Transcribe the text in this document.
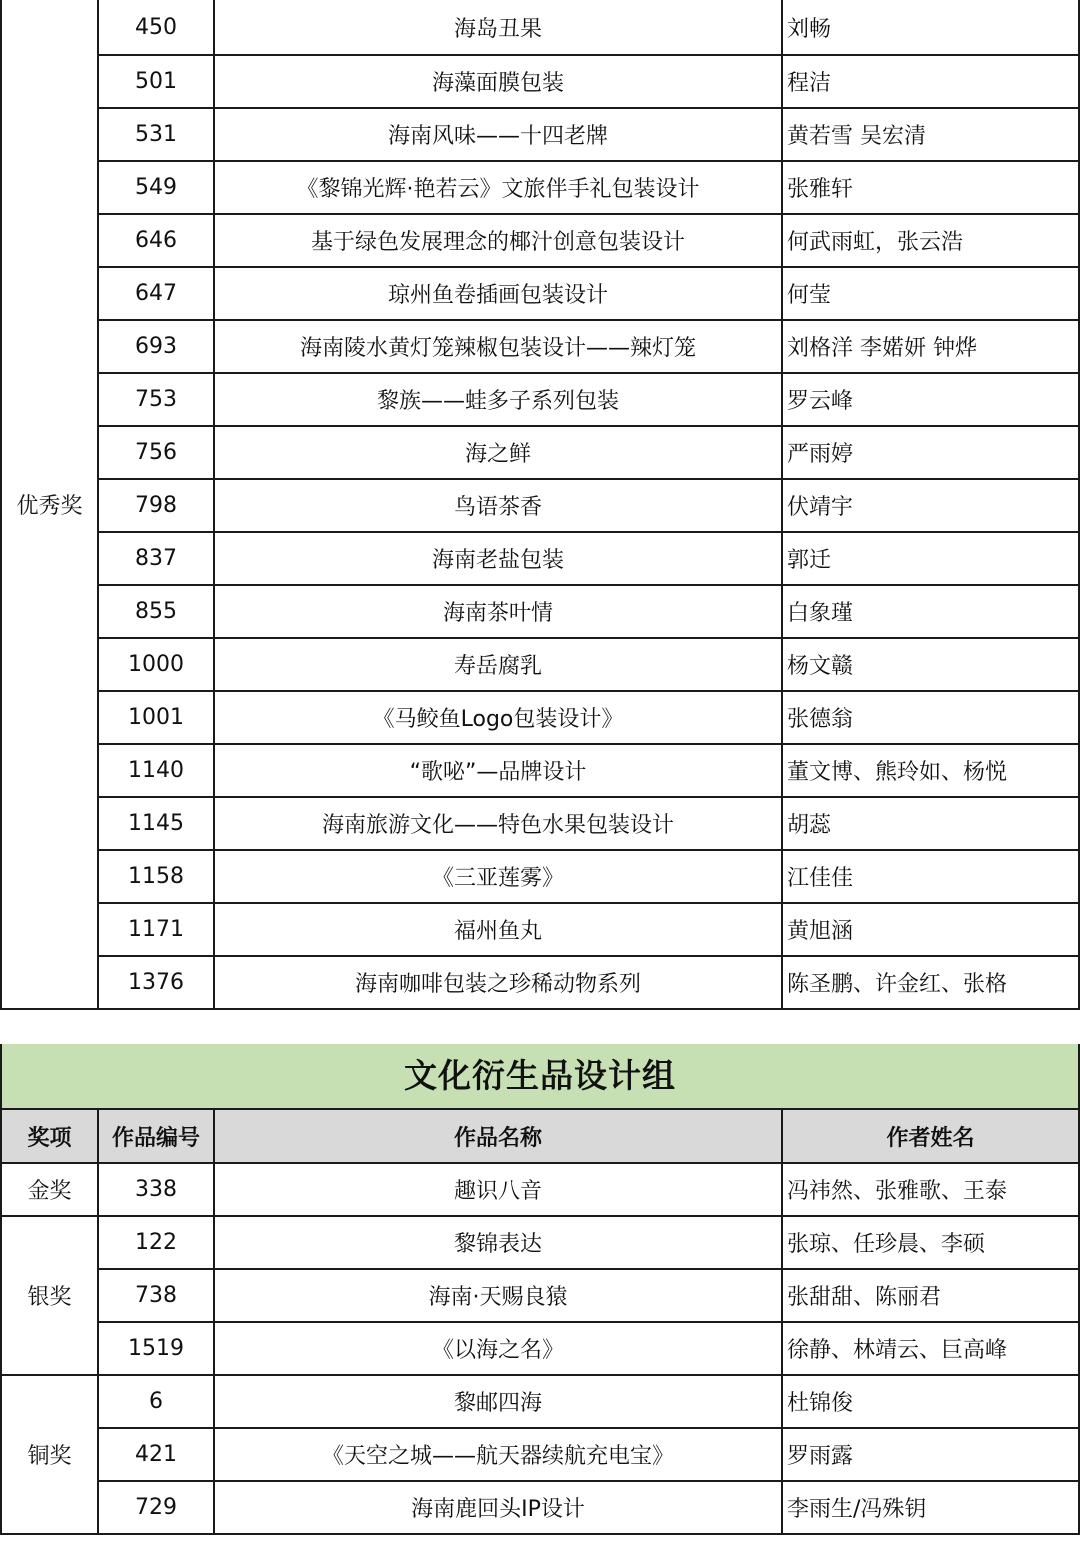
优秀奖	450	海岛丑果	刘畅
	501	海藻面膜包装	程洁
	531	海南风味——十四老牌	黄若雪 吴宏清
	549	《黎锦光辉·艳若云》文旅伴手礼包装设计	张雅轩
	646	基于绿色发展理念的椰汁创意包装设计	何武雨虹，张云浩
	647	琼州鱼卷插画包装设计	何莹
	693	海南陵水黄灯笼辣椒包装设计——辣灯笼	刘格洋 李婼妍 钟烨
	753	黎族——蛙多子系列包装	罗云峰
	756	海之鲜	严雨婷
	798	鸟语茶香	伏靖宇
	837	海南老盐包装	郭迁
	855	海南茶叶情	白象瑾
	1000	寿岳腐乳	杨文赣
	1001	《马鲛鱼Logo包装设计》	张德翁
	1140	“歌咇”—品牌设计	董文博、熊玲如、杨悦
	1145	海南旅游文化——特色水果包装设计	胡蕊
	1158	《三亚莲雾》	江佳佳
	1171	福州鱼丸	黄旭涵
	1376	海南咖啡包装之珍稀动物系列	陈圣鹏、许金红、张格
文化衍生品设计组
奖项	作品编号	作品名称	作者姓名
金奖	338	趣识八音	冯祎然、张雅歌、王泰
银奖	122	黎锦表达	张琼、任珍晨、李硕
	738	海南·天赐良猿	张甜甜、陈丽君
	1519	《以海之名》	徐静、林靖云、巨高峰
铜奖	6	黎邮四海	杜锦俊
	421	《天空之城——航天器续航充电宝》	罗雨露
	729	海南鹿回头IP设计	李雨生/冯殊钥
